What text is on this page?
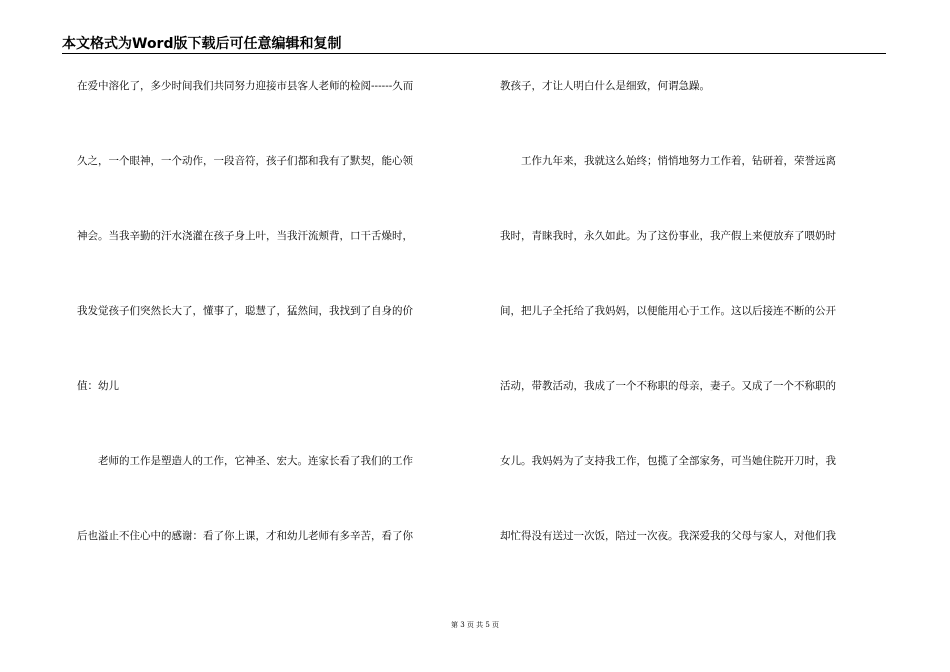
本文格式为Word版下载后可任意编辑和复制
在爱中溶化了，多少时间我们共同努力迎接市县客人老师的检阅------久而
久之，一个眼神，一个动作，一段音符，孩子们都和我有了默契，能心领
神会。当我辛勤的汗水浇灌在孩子身上叶，当我汗流颊背，口干舌燥时，
我发觉孩子们突然长大了，懂事了，聪慧了，猛然间，我找到了自身的价
值：幼儿
老师的工作是塑造人的工作，它神圣、宏大。连家长看了我们的工作
后也溢止不住心中的感谢：看了你上课，才和幼儿老师有多辛苦，看了你
教孩子，才让人明白什么是细致，何谓急躁。
工作九年来，我就这么始终；悄悄地努力工作着，钻研着，荣誉远离
我时，青睐我时，永久如此。为了这份事业，我产假上来便放弃了喂奶时
间，把儿子全托给了我妈妈，以便能用心于工作。这以后接连不断的公开
活动，带教活动，我成了一个不称职的母亲，妻子。又成了一个不称职的
女儿。我妈妈为了支持我工作，包揽了全部家务，可当她住院开刀时，我
却忙得没有送过一次饭，陪过一次夜。我深爱我的父母与家人，对他们我
第 3 页 共 5 页
